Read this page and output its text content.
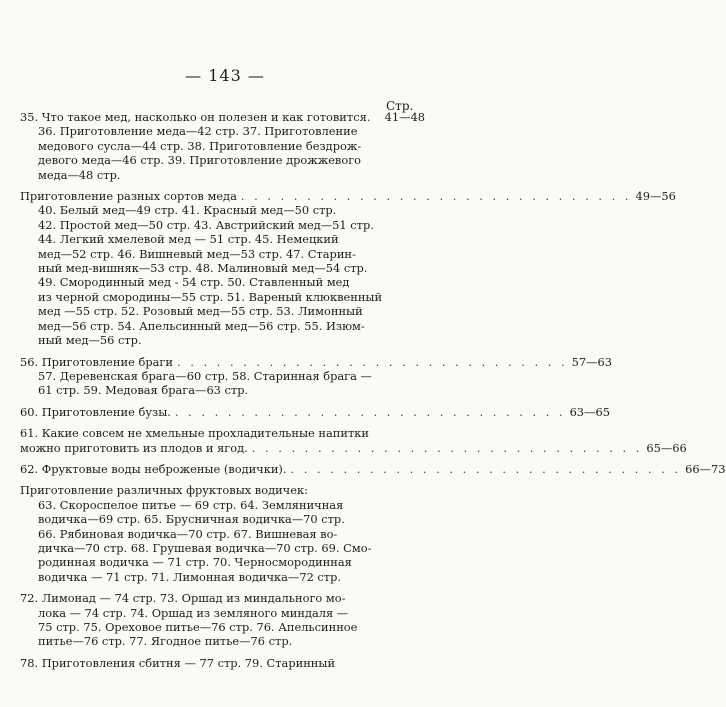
— 143 —
Стр.
35. Что такое мед, насколько он полезен и как готовится.	41—48
36. Приготовление меда—42 стр. 37. Приготовление
медового сусла—44 стр. 38. Приготовление бездрож-
девого меда—46 стр. 39. Приготовление дрожжевого
меда—48 стр.
Приготовление разных сортов меда . . . . . . . . . . . . . . . . . . . . . . . . . . . . . . 49—56
40. Белый мед—49 стр. 41. Красный мед—50 стр.
42. Простой мед—50 стр. 43. Австрийский мед—51 стр.
44. Легкий хмелевой мед — 51 стр. 45. Немецкий
мед—52 стр. 46. Вишневый мед—53 стр. 47. Старин-
ный мед-вишняк—53 стр. 48. Малиновый мед—54 стр.
49. Смородинный мед - 54 стр. 50. Ставленный мед
из черной смородины—55 стр. 51. Вареный клюквенный
мед —55 стр. 52. Розовый мед—55 стр. 53. Лимонный
мед—56 стр. 54. Апельсинный мед—56 стр. 55. Изюм-
ный мед—56 стр.
56. Приготовление браги . . . . . . . . . . . . . . . . . . . . . . . . . . . . . . 57—63
57. Деревенская брага—60 стр. 58. Старинная брага —
61 стр. 59. Медовая брага—63 стр.
60. Приготовление бузы. . . . . . . . . . . . . . . . . . . . . . . . . . . . . . . 63—65
61. Какие совсем не хмельные прохладительные напитки
можно приготовить из плодов и ягод. . . . . . . . . . . . . . . . . . . . . . . . . . . . . . . 65—66
62. Фруктовые воды неброженые (водички). . . . . . . . . . . . . . . . . . . . . . . . . . . . . . . 66—73
Приготовление различных фруктовых водичек:
63. Скороспелое питье — 69 стр. 64. Земляничная
водичка—69 стр. 65. Брусничная водичка—70 стр.
66. Рябиновая водичка—70 стр. 67. Вишневая во-
дичка—70 стр. 68. Грушевая водичка—70 стр. 69. Смо-
родинная водичка — 71 стр. 70. Черносмородинная
водичка — 71 стр. 71. Лимонная водичка—72 стр.
72. Лимонад — 74 стр. 73. Оршад из миндального мо-
лока — 74 стр. 74. Оршад из земляного миндаля —
75 стр. 75. Ореховое питье—76 стр. 76. Апельсинное
питье—76 стр. 77. Ягодное питье—76 стр.
78. Приготовления сбитня — 77 стр. 79. Старинный
